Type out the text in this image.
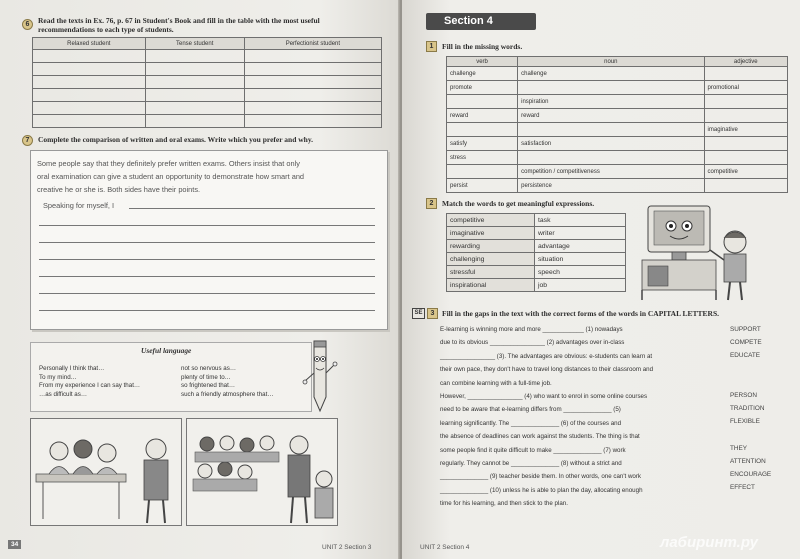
6	Read the texts in Ex. 76, p. 67 in Student's Book and fill in the table with the most useful
recommendations to each type of students.
Relaxed student	Tense student	Perfectionist student

7	Complete the comparison of written and oral exams. Write which you prefer and why.
Some people say that they definitely prefer written exams. Others insist that only
oral examination can give a student an opportunity to demonstrate how smart and
creative he or she is. Both sides have their points.
Speaking for myself, I
Useful language
Personally I think that…
To my mind…
From my experience I can say that…
…as difficult as…
not so nervous as…
plenty of time to…
so frightened that…
such a friendly atmosphere that…
34	UNIT 2 Section 3
Section 4
1	Fill in the missing words.
verb	noun	adjective
challenge	challenge	
promote		promotional
	inspiration	
reward	reward	
		imaginative
satisfy	satisfaction	
stress		
	competition / competitiveness	competitive
persist	persistence	
2	Match the words to get meaningful expressions.
competitive	task
imaginative	writer
rewarding	advantage
challenging	situation
stressful	speech
inspirational	job
SE	3	Fill in the gaps in the text with the correct forms of the words in CAPITAL LETTERS.

E-learning is winning more and more ____________ (1) nowadays

due to its obvious ________________ (2) advantages over in-class

________________ (3). The advantages are obvious: e-students can learn at

their own pace, they don't have to travel long distances to their classroom and

can combine learning with a full-time job.

However, ________________ (4) who want to enrol in some online courses

need to be aware that e-learning differs from ______________ (5)

learning significantly. The ______________ (6) of the courses and

the absence of deadlines can work against the students. The thing is that

some people find it quite difficult to make ______________ (7) work

regularly. They cannot be ______________ (8) without a strict and

______________ (9) teacher beside them. In other words, one can't work

______________ (10) unless he is able to plan the day, allocating enough

time for his learning, and then stick to the plan.

SUPPORT
COMPETE
EDUCATE
PERSON
TRADITION
FLEXIBLE
THEY
ATTENTION
ENCOURAGE
EFFECT
UNIT 2 Section 4	лабиринт.ру
